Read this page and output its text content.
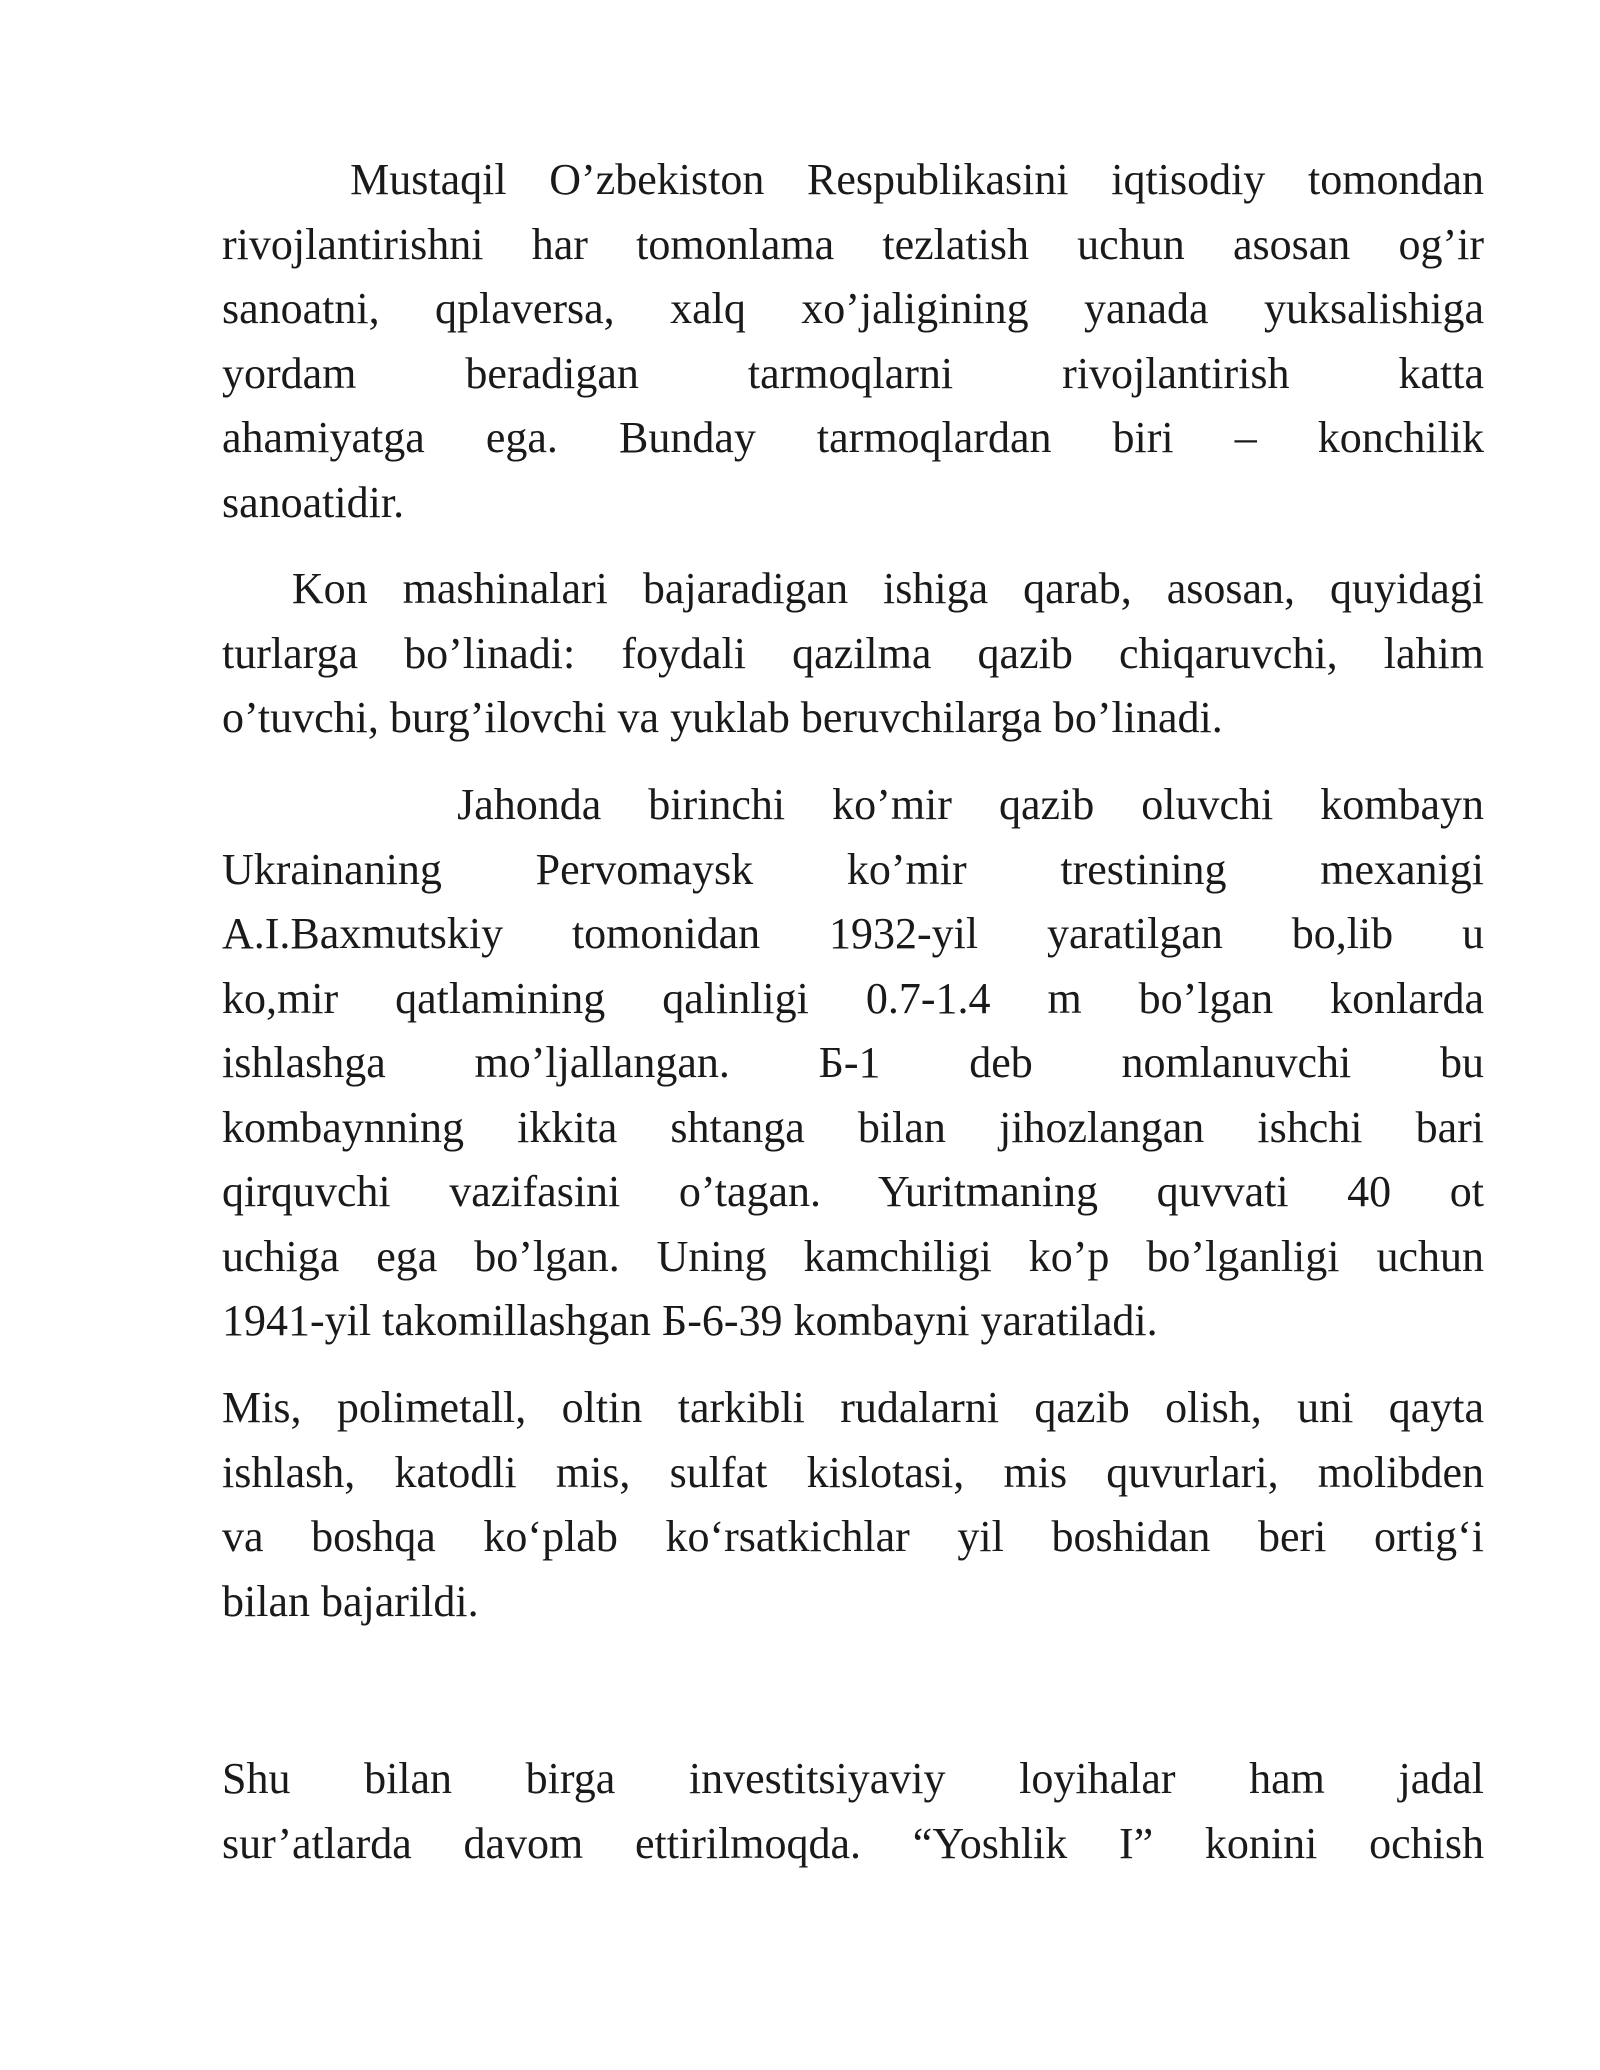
Mustaqil O’zbekiston Respublikasini iqtisodiy tomondan
rivojlantirishni har tomonlama tezlatish uchun asosan og’ir
sanoatni, qplaversa, xalq xo’jaligining yanada yuksalishiga
yordam beradigan tarmoqlarni rivojlantirish katta
ahamiyatga ega. Bunday tarmoqlardan biri – konchilik
sanoatidir.
Kon mashinalari bajaradigan ishiga qarab, asosan, quyidagi
turlarga bo’linadi: foydali qazilma qazib chiqaruvchi, lahim
o’tuvchi, burg’ilovchi va yuklab beruvchilarga bo’linadi.
Jahonda birinchi ko’mir qazib oluvchi kombayn
Ukrainaning Pervomaysk ko’mir trestining mexanigi
A.I.Baxmutskiy tomonidan 1932-yil yaratilgan bo,lib u
ko,mir qatlamining qalinligi 0.7-1.4 m bo’lgan konlarda
ishlashga mo’ljallangan. Б-1 deb nomlanuvchi bu
kombaynning ikkita shtanga bilan jihozlangan ishchi bari
qirquvchi vazifasini o’tagan. Yuritmaning quvvati 40 ot
uchiga ega bo’lgan. Uning kamchiligi ko’p bo’lganligi uchun
1941-yil takomillashgan Б-6-39 kombayni yaratiladi.
Mis, polimetall, oltin tarkibli rudalarni qazib olish, uni qayta
ishlash, katodli mis, sulfat kislotasi, mis quvurlari, molibden
va boshqa ko‘plab ko‘rsatkichlar yil boshidan beri ortig‘i
bilan bajarildi.
Shu bilan birga investitsiyaviy loyihalar ham jadal
sur’atlarda davom ettirilmoqda. “Yoshlik I” konini ochish
